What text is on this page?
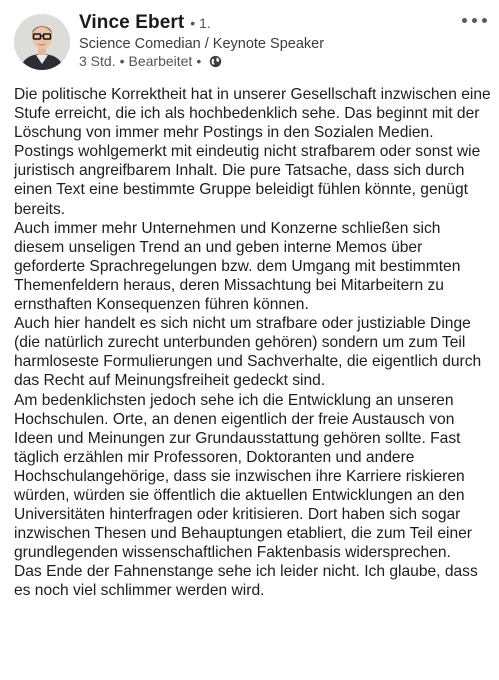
Vince Ebert • 1.
Science Comedian / Keynote Speaker
3 Std. • Bearbeitet •

Die politische Korrektheit hat in unserer Gesellschaft inzwischen eine Stufe erreicht, die ich als hochbedenklich sehe. Das beginnt mit der Löschung von immer mehr Postings in den Sozialen Medien. Postings wohlgemerkt mit eindeutig nicht strafbarem oder sonst wie juristisch angreifbarem Inhalt. Die pure Tatsache, dass sich durch einen Text eine bestimmte Gruppe beleidigt fühlen könnte, genügt bereits.

Auch immer mehr Unternehmen und Konzerne schließen sich diesem unseligen Trend an und geben interne Memos über geforderte Sprachregelungen bzw. dem Umgang mit bestimmten Themenfeldern heraus, deren Missachtung bei Mitarbeitern zu ernsthaften Konsequenzen führen können.

Auch hier handelt es sich nicht um strafbare oder justiziable Dinge (die natürlich zurecht unterbunden gehören) sondern um zum Teil harmloseste Formulierungen und Sachverhalte, die eigentlich durch das Recht auf Meinungsfreiheit gedeckt sind.

Am bedenklichsten jedoch sehe ich die Entwicklung an unseren Hochschulen. Orte, an denen eigentlich der freie Austausch von Ideen und Meinungen zur Grundausstattung gehören sollte. Fast täglich erzählen mir Professoren, Doktoranten und andere Hochschulangehörige, dass sie inzwischen ihre Karriere riskieren würden, würden sie öffentlich die aktuellen Entwicklungen an den Universitäten hinterfragen oder kritisieren. Dort haben sich sogar inzwischen Thesen und Behauptungen etabliert, die zum Teil einer grundlegenden wissenschaftlichen Faktenbasis widersprechen.

Das Ende der Fahnenstange sehe ich leider nicht. Ich glaube, dass es noch viel schlimmer werden wird.
